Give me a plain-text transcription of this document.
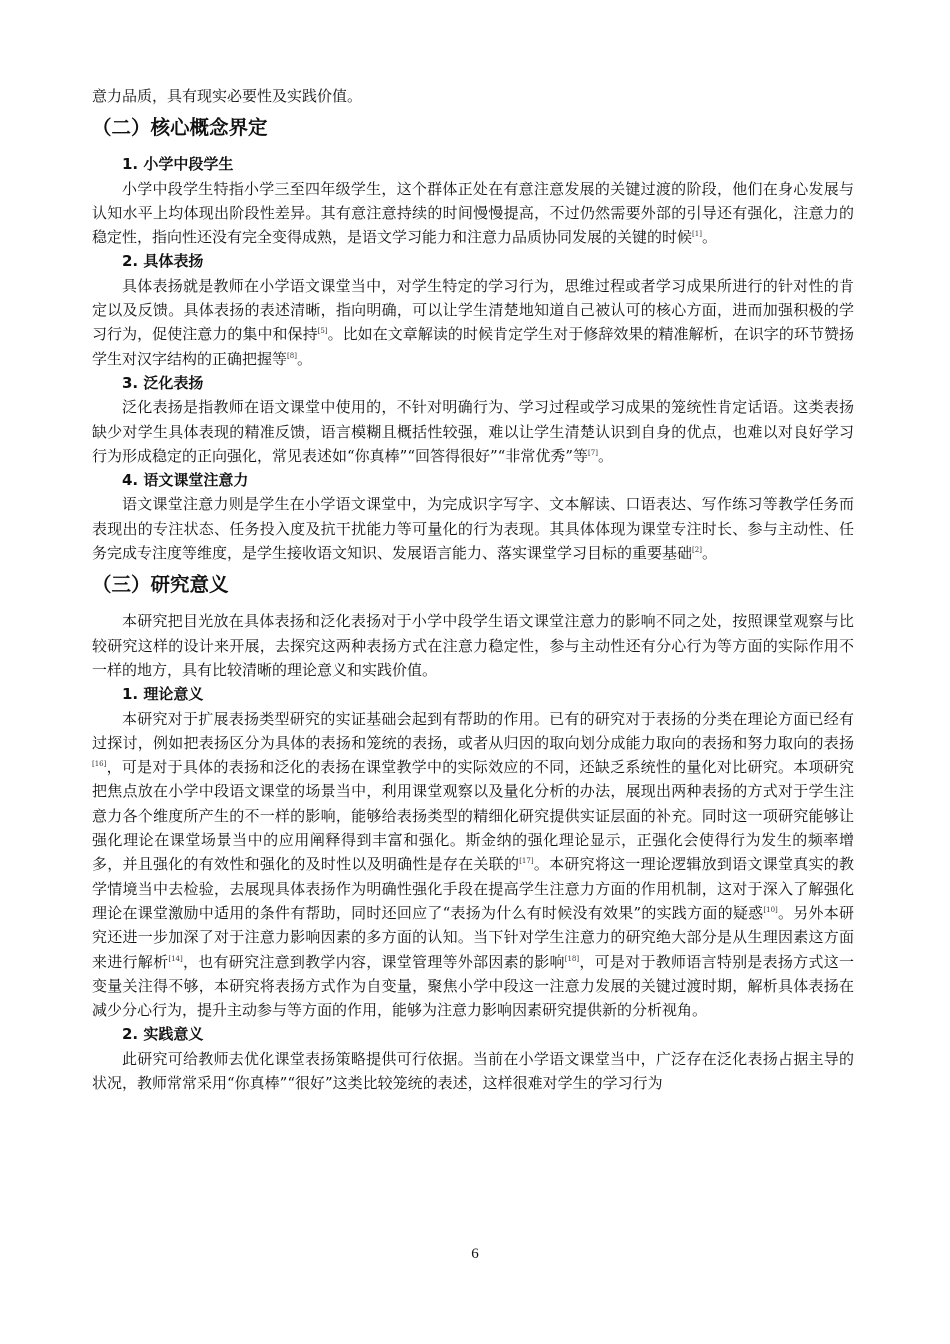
意力品质，具有现实必要性及实践价值。

（二）核心概念界定
1. 小学中段学生

小学中段学生特指小学三至四年级学生，这个群体正处在有意注意发展的关键过渡的阶段，他们在身心发展与认知水平上均体现出阶段性差异。其有意注意持续的时间慢慢提高，不过仍然需要外部的引导还有强化，注意力的稳定性，指向性还没有完全变得成熟，是语文学习能力和注意力品质协同发展的关键的时候[1]。

2. 具体表扬

具体表扬就是教师在小学语文课堂当中，对学生特定的学习行为，思维过程或者学习成果所进行的针对性的肯定以及反馈。具体表扬的表述清晰，指向明确，可以让学生清楚地知道自己被认可的核心方面，进而加强积极的学习行为，促使注意力的集中和保持[5]。比如在文章解读的时候肯定学生对于修辞效果的精准解析，在识字的环节赞扬学生对汉字结构的正确把握等[8]。

3. 泛化表扬

泛化表扬是指教师在语文课堂中使用的，不针对明确行为、学习过程或学习成果的笼统性肯定话语。这类表扬缺少对学生具体表现的精准反馈，语言模糊且概括性较强，难以让学生清楚认识到自身的优点，也难以对良好学习行为形成稳定的正向强化，常见表述如“你真棒”“回答得很好”“非常优秀”等[7]。

4. 语文课堂注意力

语文课堂注意力则是学生在小学语文课堂中，为完成识字写字、文本解读、口语表达、写作练习等教学任务而表现出的专注状态、任务投入度及抗干扰能力等可量化的行为表现。其具体体现为课堂专注时长、参与主动性、任务完成专注度等维度，是学生接收语文知识、发展语言能力、落实课堂学习目标的重要基础[2]。

（三）研究意义

本研究把目光放在具体表扬和泛化表扬对于小学中段学生语文课堂注意力的影响不同之处，按照课堂观察与比较研究这样的设计来开展，去探究这两种表扬方式在注意力稳定性，参与主动性还有分心行为等方面的实际作用不一样的地方，具有比较清晰的理论意义和实践价值。

1. 理论意义

本研究对于扩展表扬类型研究的实证基础会起到有帮助的作用。已有的研究对于表扬的分类在理论方面已经有过探讨，例如把表扬区分为具体的表扬和笼统的表扬，或者从归因的取向划分成能力取向的表扬和努力取向的表扬[16]，可是对于具体的表扬和泛化的表扬在课堂教学中的实际效应的不同，还缺乏系统性的量化对比研究。本项研究把焦点放在小学中段语文课堂的场景当中，利用课堂观察以及量化分析的办法，展现出两种表扬的方式对于学生注意力各个维度所产生的不一样的影响，能够给表扬类型的精细化研究提供实证层面的补充。同时这一项研究能够让强化理论在课堂场景当中的应用阐释得到丰富和强化。斯金纳的强化理论显示，正强化会使得行为发生的频率增多，并且强化的有效性和强化的及时性以及明确性是存在关联的[17]。本研究将这一理论逻辑放到语文课堂真实的教学情境当中去检验，去展现具体表扬作为明确性强化手段在提高学生注意力方面的作用机制，这对于深入了解强化理论在课堂激励中适用的条件有帮助，同时还回应了“表扬为什么有时候没有效果”的实践方面的疑惑[10]。另外本研究还进一步加深了对于注意力影响因素的多方面的认知。当下针对学生注意力的研究绝大部分是从生理因素这方面来进行解析[14]，也有研究注意到教学内容，课堂管理等外部因素的影响[18]，可是对于教师语言特别是表扬方式这一变量关注得不够，本研究将表扬方式作为自变量，聚焦小学中段这一注意力发展的关键过渡时期，解析具体表扬在减少分心行为，提升主动参与等方面的作用，能够为注意力影响因素研究提供新的分析视角。

2. 实践意义

此研究可给教师去优化课堂表扬策略提供可行依据。当前在小学语文课堂当中，广泛存在泛化表扬占据主导的状况，教师常常采用“你真棒”“很好”这类比较笼统的表述，这样很难对学生的学习行为

6
